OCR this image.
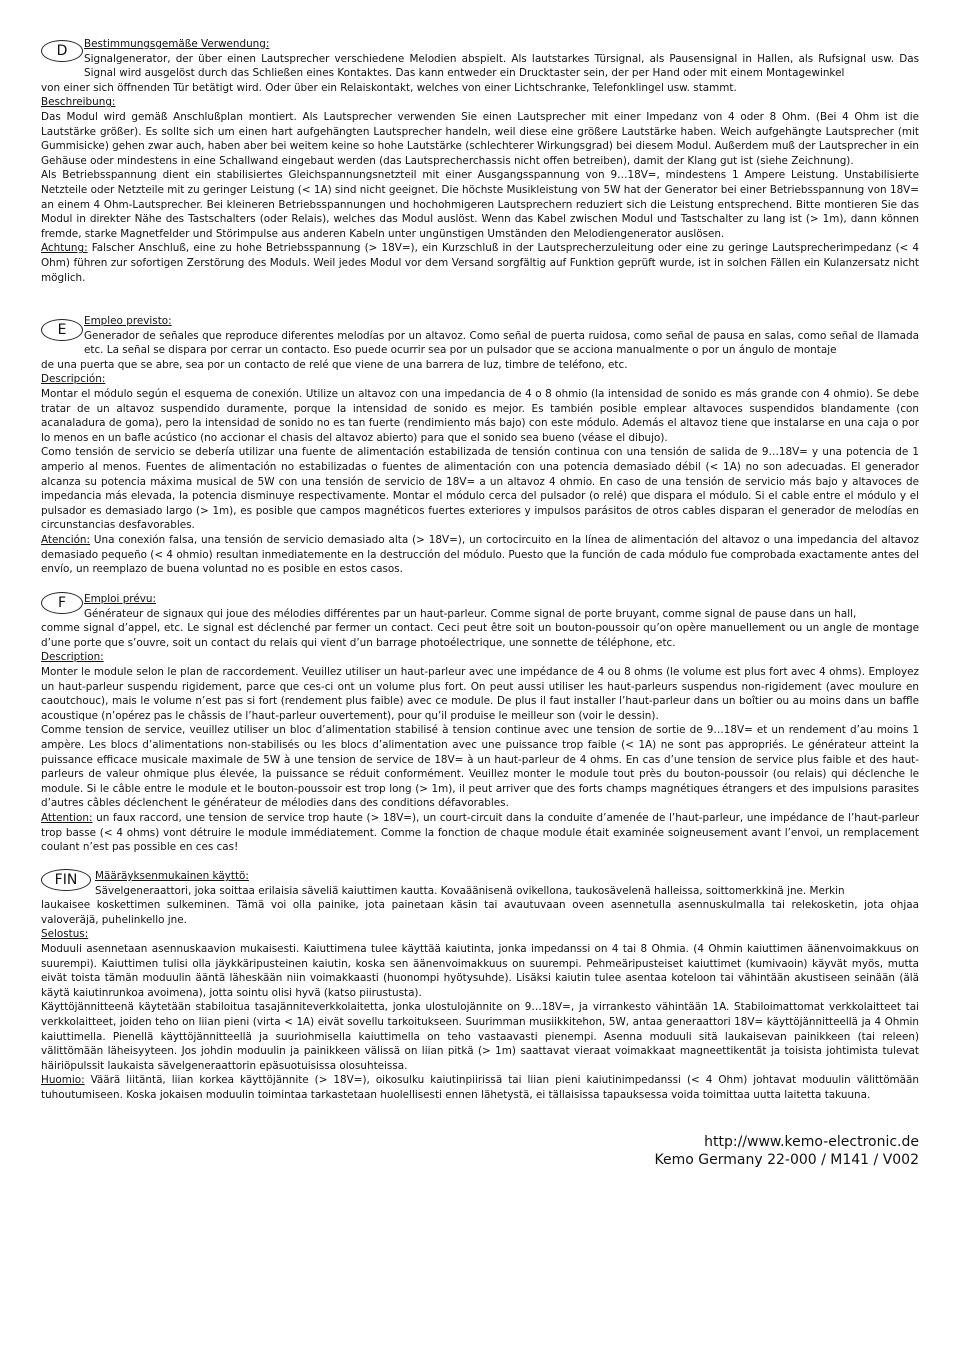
D	Bestimmungsgemäße Verwendung:

Signalgenerator, der über einen Lautsprecher verschiedene Melodien abspielt. Als lautstarkes Türsignal, als Pausensignal in Hallen, als Rufsignal usw. Das Signal wird ausgelöst durch das Schließen eines Kontaktes. Das kann entweder ein Drucktaster sein, der per Hand oder mit einem Montagewinkel

von einer sich öffnenden Tür betätigt wird. Oder über ein Relaiskontakt, welches von einer Lichtschranke, Telefonklingel usw. stammt.

Beschreibung:

Das Modul wird gemäß Anschlußplan montiert. Als Lautsprecher verwenden Sie einen Lautsprecher mit einer Impedanz von 4 oder 8 Ohm. (Bei 4 Ohm ist die Lautstärke größer). Es sollte sich um einen hart aufgehängten Lautsprecher handeln, weil diese eine größere Lautstärke haben. Weich aufgehängte Lautsprecher (mit Gummisicke) gehen zwar auch, haben aber bei weitem keine so hohe Lautstärke (schlechterer Wirkungsgrad) bei diesem Modul. Außerdem muß der Lautsprecher in ein Gehäuse oder mindestens in eine Schallwand eingebaut werden (das Lautsprecherchassis nicht offen betreiben), damit der Klang gut ist (siehe Zeichnung).

Als Betriebsspannung dient ein stabilisiertes Gleichspannungsnetzteil mit einer Ausgangsspannung von 9…18V=, mindestens 1 Ampere Leistung. Unstabilisierte Netzteile oder Netzteile mit zu geringer Leistung (< 1A) sind nicht geeignet. Die höchste Musikleistung von 5W hat der Generator bei einer Betriebsspannung von 18V= an einem 4 Ohm-Lautsprecher. Bei kleineren Betriebsspannungen und hochohmigeren Lautsprechern reduziert sich die Leistung entsprechend. Bitte montieren Sie das Modul in direkter Nähe des Tastschalters (oder Relais), welches das Modul auslöst. Wenn das Kabel zwischen Modul und Tastschalter zu lang ist (> 1m), dann können fremde, starke Magnetfelder und Störimpulse aus anderen Kabeln unter ungünstigen Umständen den Melodiengenerator auslösen.

Achtung: Falscher Anschluß, eine zu hohe Betriebsspannung (> 18V=), ein Kurzschluß in der Lautsprecherzuleitung oder eine zu geringe Lautsprecherimpedanz (< 4 Ohm) führen zur sofortigen Zerstörung des Moduls. Weil jedes Modul vor dem Versand sorgfältig auf Funktion geprüft wurde, ist in solchen Fällen ein Kulanzersatz nicht möglich.

E

Empleo previsto:

Generador de señales que reproduce diferentes melodías por un altavoz. Como señal de puerta ruidosa, como señal de pausa en salas, como señal de llamada etc. La señal se dispara por cerrar un contacto. Eso puede ocurrir sea por un pulsador que se acciona manualmente o por un ángulo de montaje

de una puerta que se abre, sea por un contacto de relé que viene de una barrera de luz, timbre de teléfono, etc.

Descripción:

Montar el módulo según el esquema de conexión. Utilize un altavoz con una impedancia de 4 o 8 ohmio (la intensidad de sonido es más grande con 4 ohmio). Se debe tratar de un altavoz suspendido duramente, porque la intensidad de sonido es mejor. Es también posible emplear altavoces suspendidos blandamente (con acanaladura de goma), pero la intensidad de sonido no es tan fuerte (rendimiento más bajo) con este módulo. Además el altavoz tiene que instalarse en una caja o por lo menos en un bafle acústico (no accionar el chasis del altavoz abierto) para que el sonido sea bueno (véase el dibujo).

Como tensión de servicio se debería utilizar una fuente de alimentación estabilizada de tensión continua con una tensión de salida de 9…18V= y una potencia de 1 amperio al menos. Fuentes de alimentación no estabilizadas o fuentes de alimentación con una potencia demasiado débil (< 1A) no son adecuadas. El generador alcanza su potencia máxima musical de 5W con una tensión de servicio de 18V= a un altavoz 4 ohmio. En caso de una tensión de servicio más bajo y altavoces de impedancia más elevada, la potencia disminuye respectivamente. Montar el módulo cerca del pulsador (o relé) que dispara el módulo. Si el cable entre el módulo y el pulsador es demasiado largo (> 1m), es posible que campos magnéticos fuertes exteriores y impulsos parásitos de otros cables disparan el generador de melodías en circunstancias desfavorables.

Atención: Una conexión falsa, una tensión de servicio demasiado alta (> 18V=), un cortocircuito en la línea de alimentación del altavoz o una impedancia del altavoz demasiado pequeño (< 4 ohmio) resultan inmediatemente en la destrucción del módulo. Puesto que la función de cada módulo fue comprobada exactamente antes del envío, un reemplazo de buena voluntad no es posible en estos casos.

F	Emploi prévu:

Générateur de signaux qui joue des mélodies différentes par un haut-parleur. Comme signal de porte bruyant, comme signal de pause dans un hall,

comme signal d’appel, etc. Le signal est déclenché par fermer un contact. Ceci peut être soit un bouton-poussoir qu’on opère manuellement ou un angle de montage d’une porte que s’ouvre, soit un contact du relais qui vient d’un barrage photoélectrique, une sonnette de téléphone, etc.

Description:

Monter le module selon le plan de raccordement. Veuillez utiliser un haut-parleur avec une impédance de 4 ou 8 ohms (le volume est plus fort avec 4 ohms). Employez un haut-parleur suspendu rigidement, parce que ces-ci ont un volume plus fort. On peut aussi utiliser les haut-parleurs suspendus non-rigidement (avec moulure en caoutchouc), mais le volume n’est pas si fort (rendement plus faible) avec ce module. De plus il faut installer l’haut-parleur dans un boîtier ou au moins dans un baffle acoustique (n’opérez pas le châssis de l’haut-parleur ouvertement), pour qu’il produise le meilleur son (voir le dessin).

Comme tension de service, veuillez utiliser un bloc d’alimentation stabilisé à tension continue avec une tension de sortie de 9…18V= et un rendement d’au moins 1 ampère. Les blocs d’alimentations non-stabilisés ou les blocs d’alimentation avec une puissance trop faible (< 1A) ne sont pas appropriés. Le générateur atteint la puissance efficace musicale maximale de 5W à une tension de service de 18V= à un haut-parleur de 4 ohms. En cas d’une tension de service plus faible et des haut-parleurs de valeur ohmique plus élevée, la puissance se réduit conformément. Veuillez monter le module tout près du bouton-poussoir (ou relais) qui déclenche le module. Si le câble entre le module et le bouton-poussoir est trop long (> 1m), il peut arriver que des forts champs magnétiques étrangers et des impulsions parasites d’autres câbles déclenchent le générateur de mélodies dans des conditions défavorables.

Attention: un faux raccord, une tension de service trop haute (> 18V=), un court-circuit dans la conduite d’amenée de l’haut-parleur, une impédance de l’haut-parleur trop basse (< 4 ohms) vont détruire le module immédiatement. Comme la fonction de chaque module était examinée soigneusement avant l’envoi, un remplacement coulant n’est pas possible en ces cas!

FIN	Määräyksenmukainen käyttö:

Sävelgeneraattori, joka soittaa erilaisia säveliä kaiuttimen kautta. Kovaäänisenä ovikellona, taukosävelenä halleissa, soittomerkkinä jne. Merkin

laukaisee koskettimen sulkeminen. Tämä voi olla painike, jota painetaan käsin tai avautuvaan oveen asennetulla asennuskulmalla tai relekosketin, jota ohjaa valoveräjä, puhelinkello jne.

Selostus:

Moduuli asennetaan asennuskaavion mukaisesti. Kaiuttimena tulee käyttää kaiutinta, jonka impedanssi on 4 tai 8 Ohmia. (4 Ohmin kaiuttimen äänenvoimakkuus on suurempi). Kaiuttimen tulisi olla jäykkäripusteinen kaiutin, koska sen äänenvoimakkuus on suurempi. Pehmeäripusteiset kaiuttimet (kumivaoin) käyvät myös, mutta eivät toista tämän moduulin ääntä läheskään niin voimakkaasti (huonompi hyötysuhde). Lisäksi kaiutin tulee asentaa koteloon tai vähintään akustiseen seinään (älä käytä kaiutinrunkoa avoimena), jotta sointu olisi hyvä (katso piirustusta).

Käyttöjännitteenä käytetään stabiloitua tasajänniteverkkolaitetta, jonka ulostulojännite on 9…18V=, ja virrankesto vähintään 1A. Stabiloimattomat verkkolaitteet tai verkkolaitteet, joiden teho on liian pieni (virta < 1A) eivät sovellu tarkoitukseen. Suurimman musiikkitehon, 5W, antaa generaattori 18V= käyttöjännitteellä ja 4 Ohmin kaiuttimella. Pienellä käyttöjännitteellä ja suuriohmisella kaiuttimella on teho vastaavasti pienempi. Asenna moduuli sitä laukaisevan painikkeen (tai releen) välittömään läheisyyteen. Jos johdin moduulin ja painikkeen välissä on liian pitkä (> 1m) saattavat vieraat voimakkaat magneettikentät ja toisista johtimista tulevat häiriöpulssit laukaista sävelgeneraattorin epäsuotuisissa olosuhteissa.

Huomio: Väärä liitäntä, liian korkea käyttöjännite (> 18V=), oikosulku kaiutinpiirissä tai liian pieni kaiutinimpedanssi (< 4 Ohm) johtavat moduulin välittömään tuhoutumiseen. Koska jokaisen moduulin toimintaa tarkastetaan huolellisesti ennen lähetystä, ei tällaisissa tapauksessa voida toimittaa uutta laitetta takuuna.

http://www.kemo-electronic.de
Kemo Germany 22-000 / M141 / V002
